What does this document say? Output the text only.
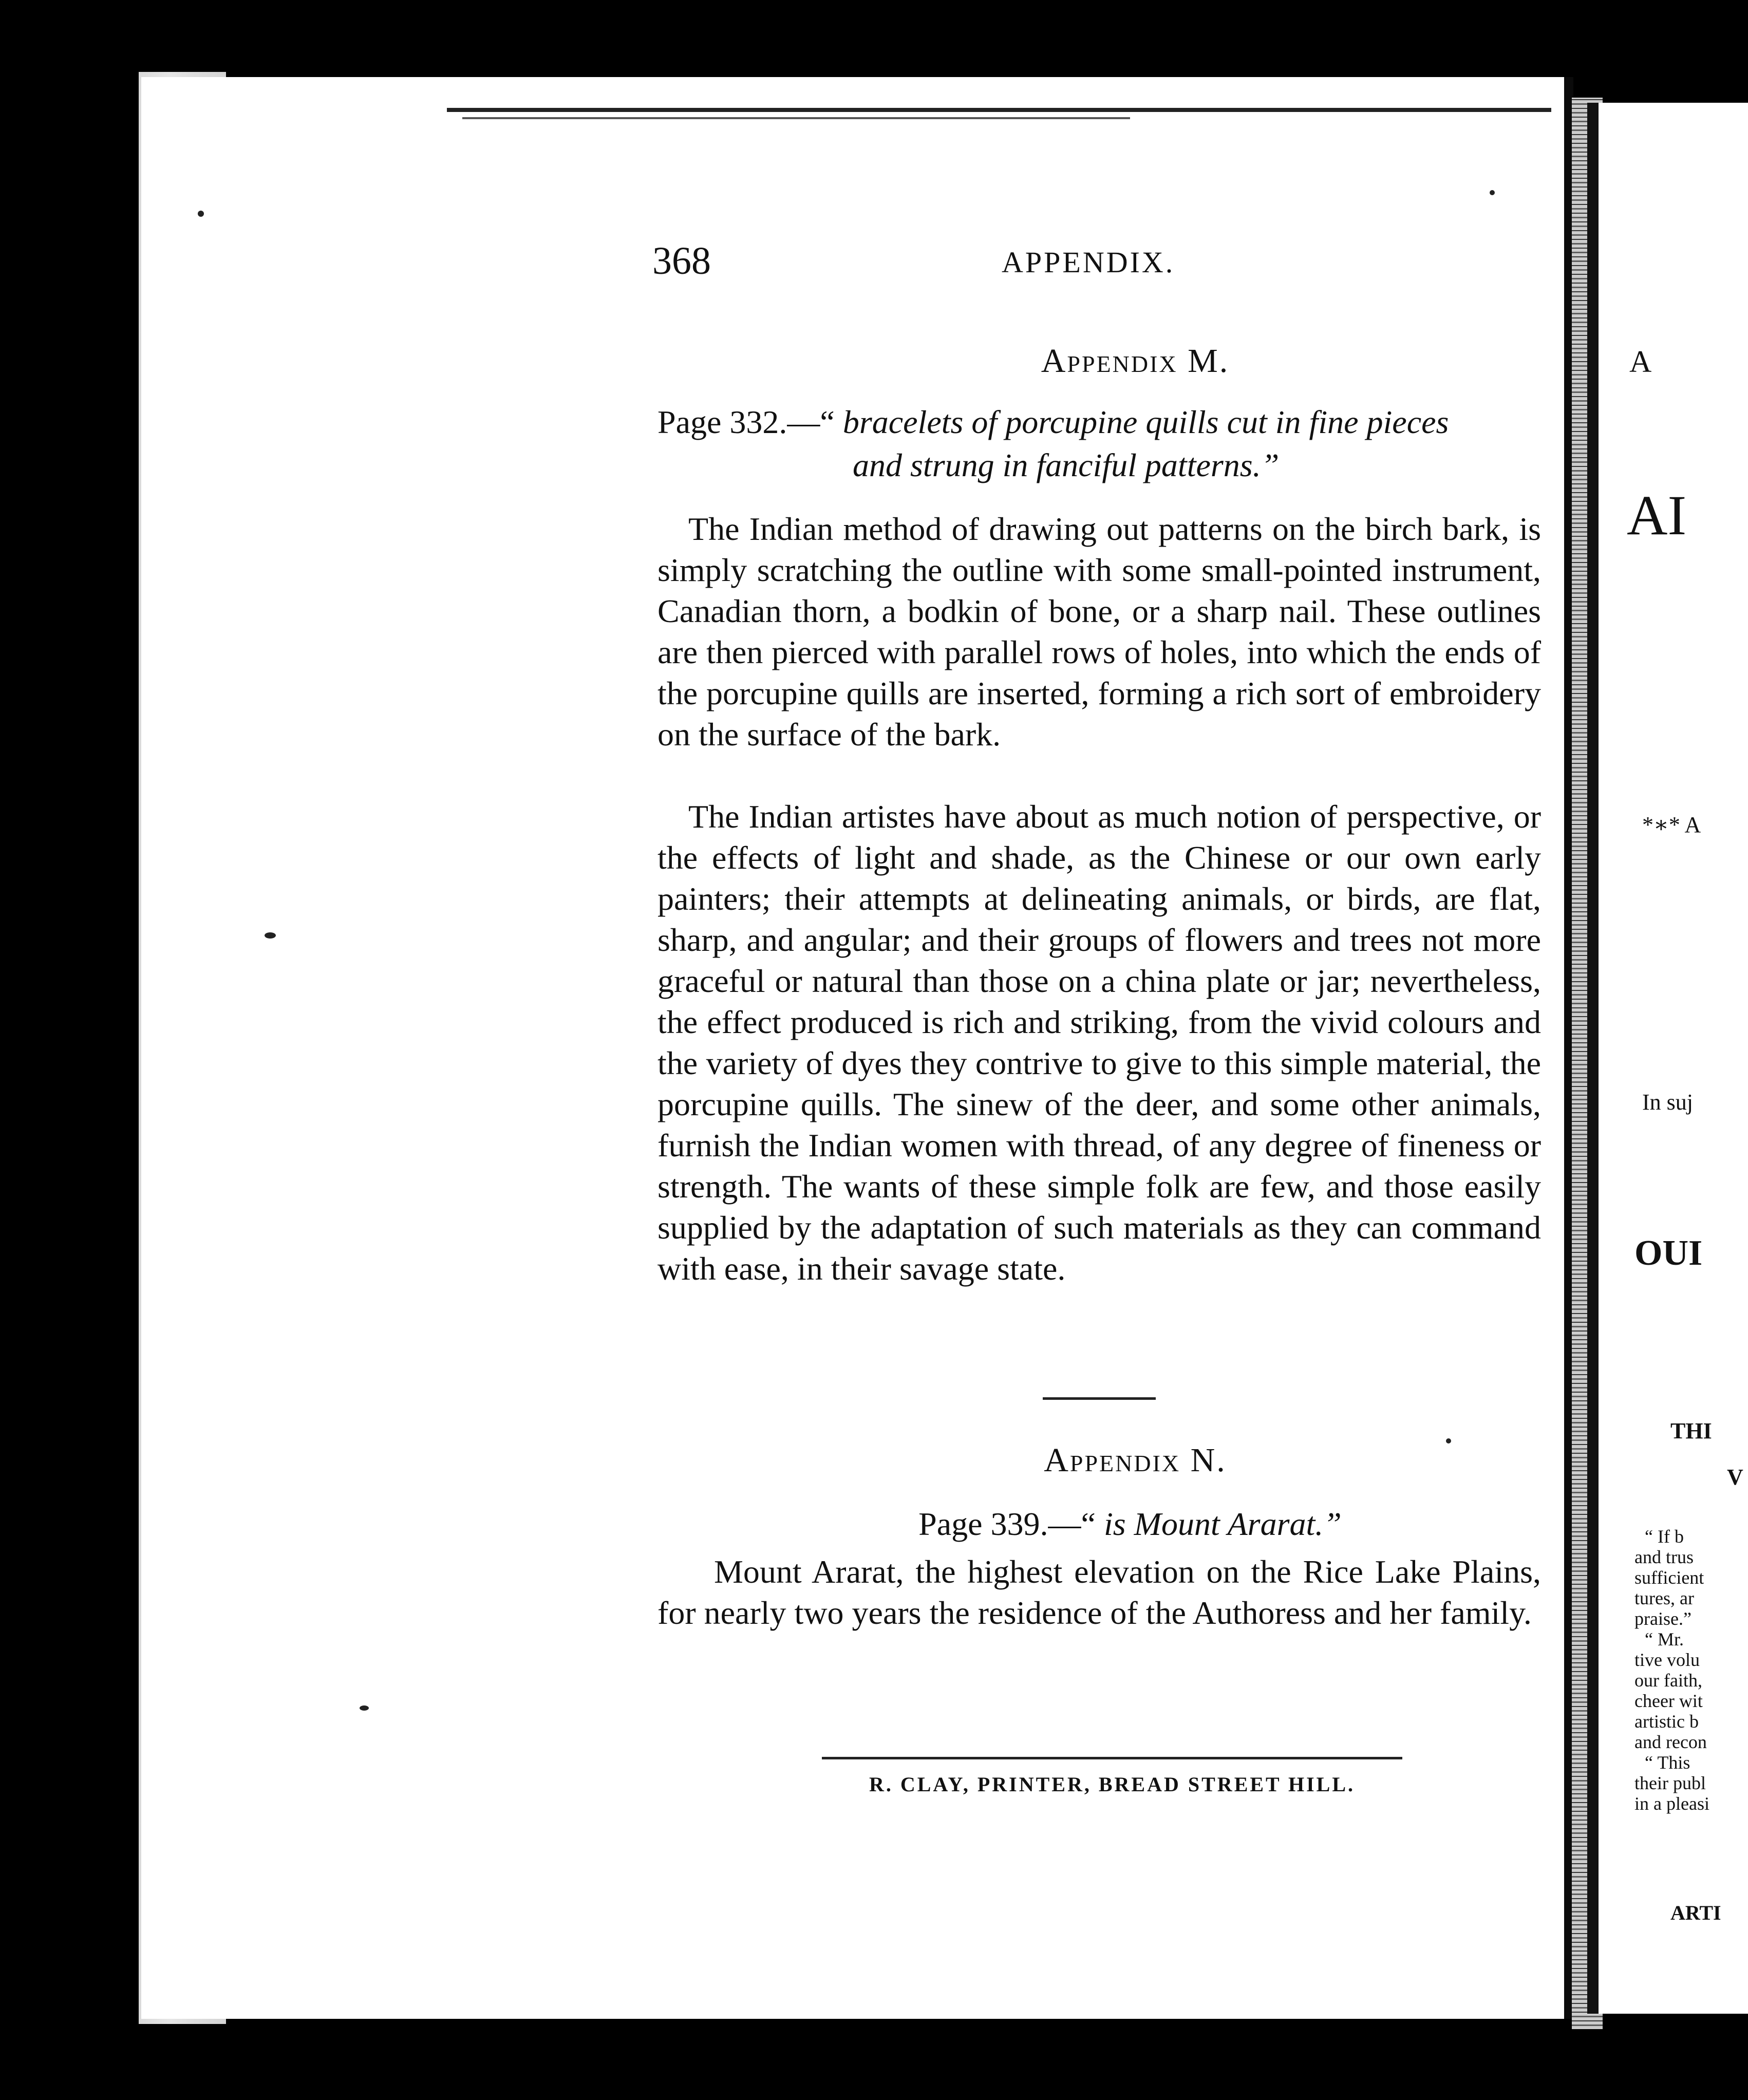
A
AI
*∗* A
In suj
OUI
THI
V
“ If b
and trus
sufficient
tures, ar
praise.”
“ Mr.
tive volu
our faith,
cheer wit
artistic b
and recon
“ This
their publ
in a pleasi
ARTI
368	APPENDIX.
Appendix M.
Page 332.—“ bracelets of porcupine quills cut in fine pieces
and strung in fanciful patterns.”

The Indian method of drawing out patterns on the birch bark, is simply scratching the outline with some small-pointed instrument, Canadian thorn, a bodkin of bone, or a sharp nail. These outlines are then pierced with parallel rows of holes, into which the ends of the porcupine quills are inserted, forming a rich sort of embroidery on the surface of the bark.

The Indian artistes have about as much notion of perspective, or the effects of light and shade, as the Chinese or our own early painters; their attempts at delineating animals, or birds, are flat, sharp, and angular; and their groups of flowers and trees not more graceful or natural than those on a china plate or jar; nevertheless, the effect produced is rich and striking, from the vivid colours and the variety of dyes they contrive to give to this simple material, the porcupine quills. The sinew of the deer, and some other animals, furnish the Indian women with thread, of any degree of fineness or strength. The wants of these simple folk are few, and those easily supplied by the adaptation of such materials as they can command with ease, in their savage state.

Appendix N.
Page 339.—“ is Mount Ararat.”

Mount Ararat, the highest elevation on the Rice Lake Plains, for nearly two years the residence of the Authoress and her family.

R. CLAY, PRINTER, BREAD STREET HILL.
